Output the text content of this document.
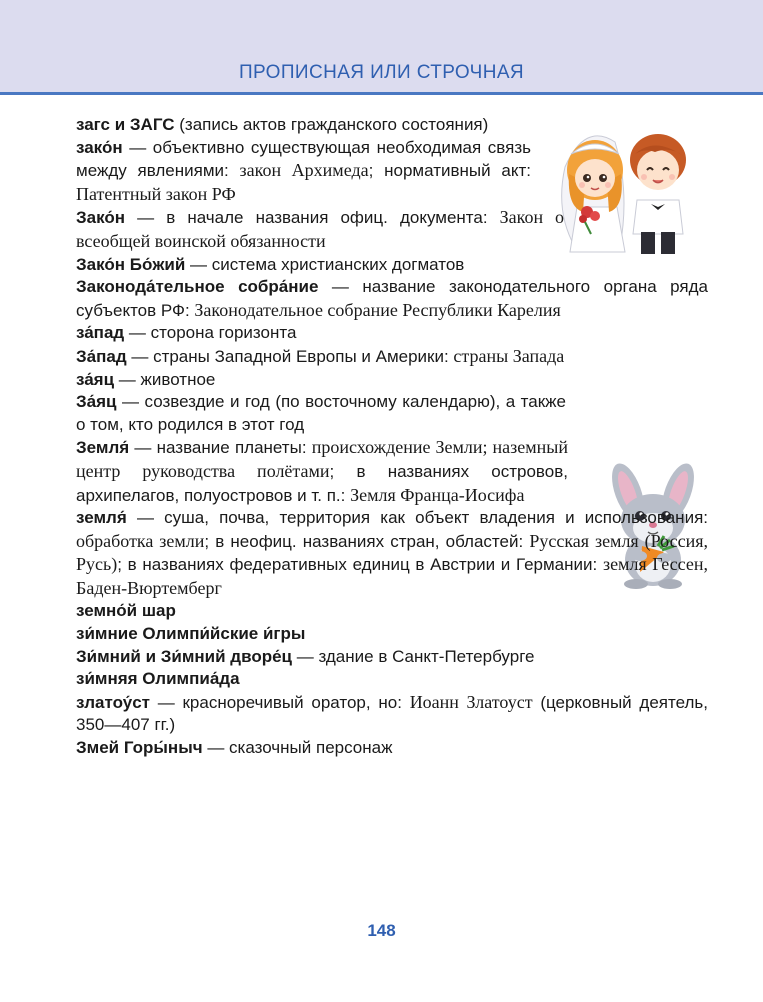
ПРОПИСНАЯ ИЛИ СТРОЧНАЯ

загс и ЗАГС (запись актов гражданского состояния)

зако́н — объективно существующая необходимая связь между явлениями: закон Архимеда; нормативный акт: Патентный закон РФ

Зако́н — в начале названия офиц. документа: Закон о всеобщей воинской обязанности

Зако́н Бо́жий — система христианских догматов

Законода́тельное собра́ние — название законодательного органа ряда субъектов РФ: Законодательное собрание Республики Карелия

за́пад — сторона горизонта

За́пад — страны Западной Европы и Америки: страны Запада

за́яц — животное

За́яц — созвездие и год (по восточному календарю), а также о том, кто родился в этот год

Земля́ — название планеты: происхождение Земли; наземный центр руководства полётами; в названиях островов, архипелагов, полуостровов и т. п.: Земля Франца-Иосифа

земля́ — суша, почва, территория как объект владения и использования: обработка земли; в неофиц. названиях стран, областей: Русская земля (Россия, Русь); в названиях федеративных единиц в Австрии и Германии: земля Гессен, Баден-Вюртемберг

земно́й шар

зи́мние Олимпи́йские и́гры

Зи́мний и Зи́мний дворе́ц — здание в Санкт-Петербурге

зи́мняя Олимпиа́да

златоу́ст — красноречивый оратор, но: Иоанн Златоуст (церковный деятель, 350—407 гг.)

Змей Горы́ныч — сказочный персонаж

148
